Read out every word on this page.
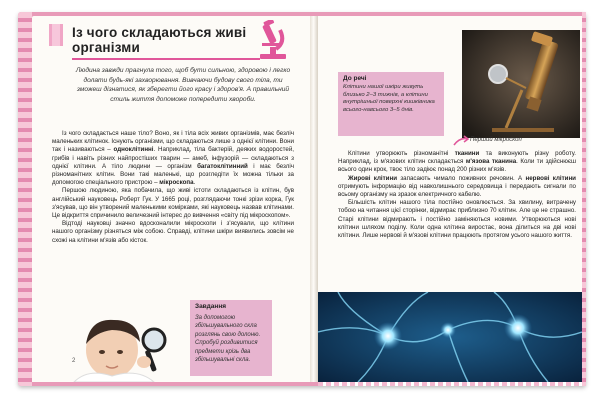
Із чого складаються живі організми
Людина завжди прагнула того, щоб бути сильною, здоровою і легко долати будь-які захворювання. Вивчаючи будову свого тіла, ти зможеш дізнатися, як зберегти його красу і здоров'я. А правильний стиль життя допоможе попередити хвороби.

Із чого складається наше тіло? Воно, як і тіла всіх живих організмів, має безліч маленьких клітинок. Існують організми, що складаються лише з однієї клітини. Вони так і називаються – одноклітинні. Наприклад, тіла бактерій, деяких водоростей, грибів і навіть різних найпростіших тварин — амеб, інфузорій — складаються з однієї клітини. А тіло людини — організм багатоклітинний і має безліч різноманітних клітин. Вони такі маленькі, що розгледіти їх можна тільки за допомогою спеціального пристрою – мікроскопа.

Першою людиною, яка побачила, що живі істоти складаються із клітин, був англійський науковець Роберт Гук. У 1665 році, розглядаючи тонкі зрізи корка, Гук з'ясував, що він утворений маленькими комірками, які науковець назвав клітинами. Це відкриття спричинило величезний інтерес до вивчення «світу під мікроскопом».

Відтоді науковці значно вдосконалили мікроскопи і з'ясували, що клітини нашого організму різняться між собою. Справді, клітини шкіри виявились зовсім не схожі на клітини м'язів або кісток.

2
Завдання
За допомогою збільшувального скла розглянь свою долоню. Спробуй роздивитися предмети крізь два збільшувальні скла.
До речі
Клітини нашої шкіри живуть близько 2–3 тижнів, а клітини внутрішньої поверхні кишківника всього-навсього 3–5 днів.
Перший мікроскоп

Клітини утворюють різноманітні тканини та виконують різну роботу. Наприклад, із м'язових клітин складається м'язова тканина. Коли ти здійснюєш всього один крок, твоє тіло задіює понад 200 різних м'язів.

Жирові клітини запасають чимало поживних речовин. А нервові клітини отримують інформацію від навколишнього середовища і передають сигнали по всьому організму на зразок електричного кабелю.

Більшість клітин нашого тіла постійно оновлюється. За хвилину, витрачену тобою на читання цієї сторінки, відмирає приблизно 70 клітин. Але це не страшно. Старі клітини відмирають і постійно заміняються новими. Утворюються нові клітини шляхом поділу. Коли одна клітина виростає, вона ділиться на дві нові клітини. Лише нервові й м'язові клітини працюють протягом усього нашого життя.
